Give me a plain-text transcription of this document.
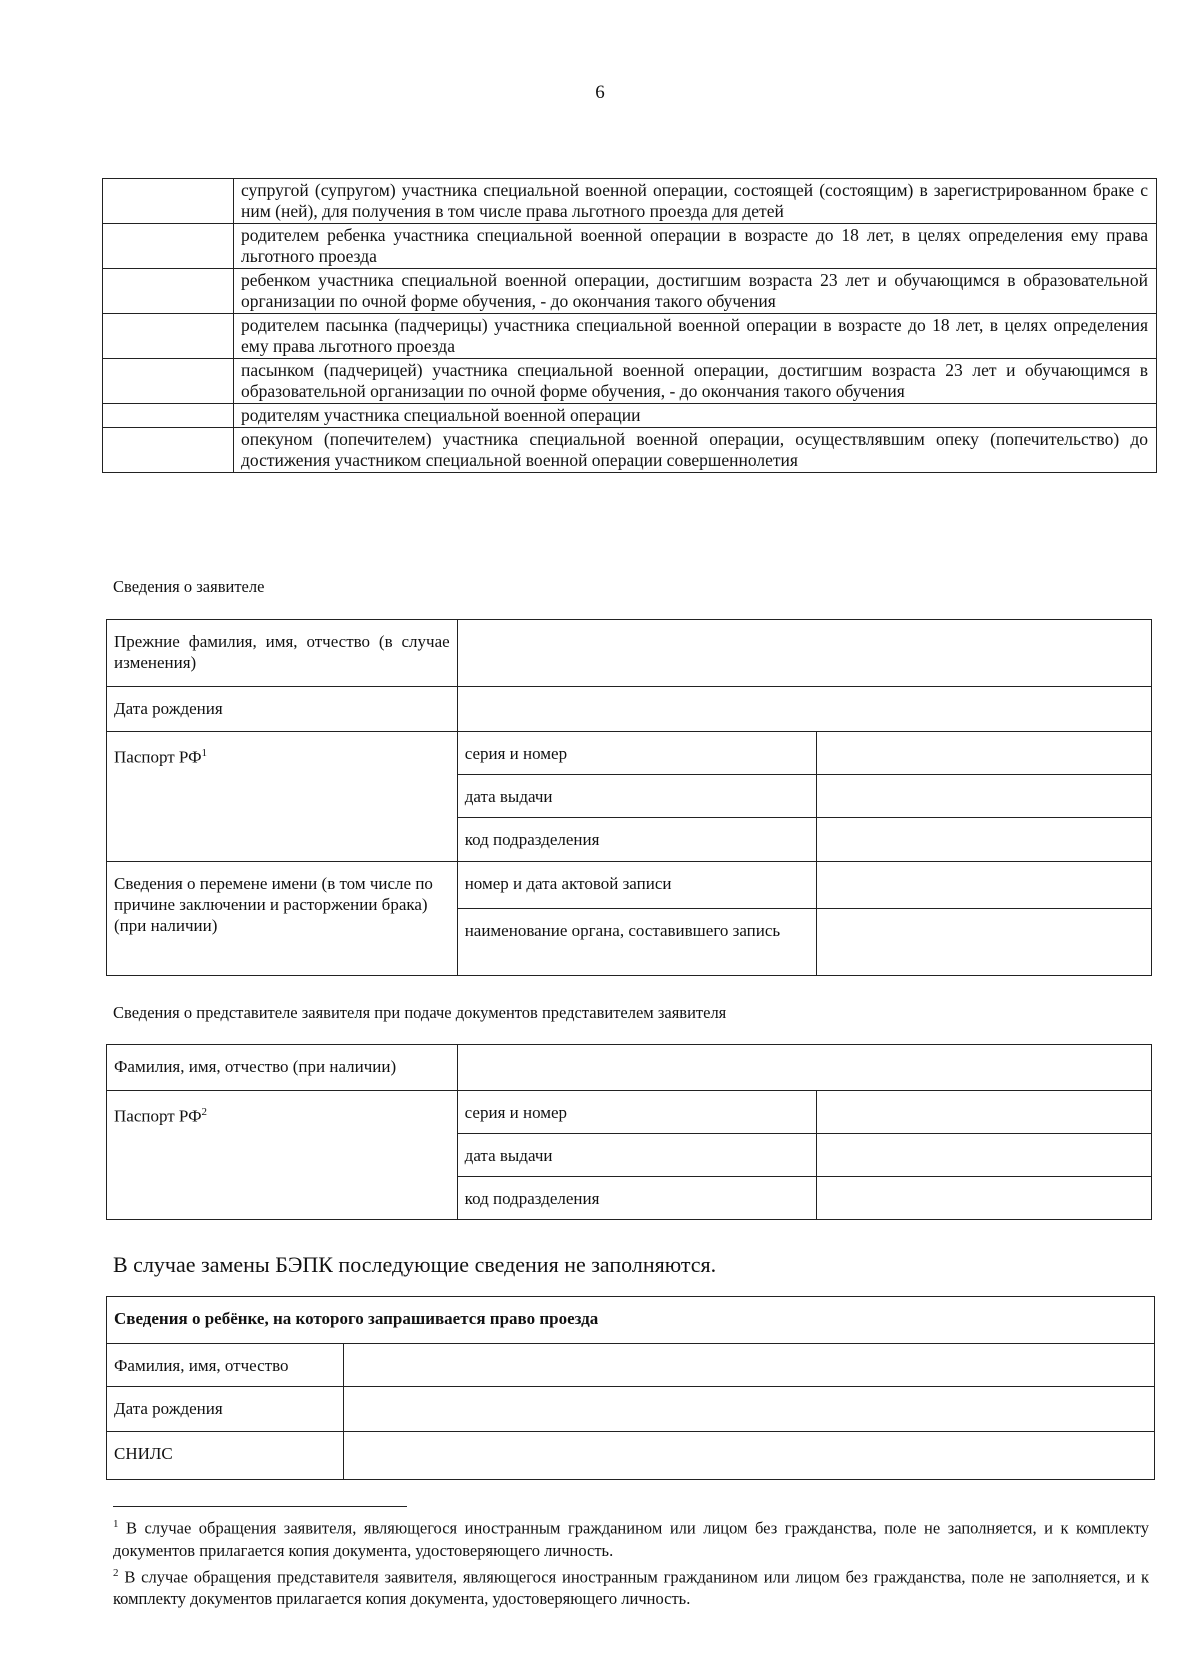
6
	супругой (супругом) участника специальной военной операции, состоящей (состоящим) в зарегистрированном браке с ним (ней), для получения в том числе права льготного проезда для детей
	родителем ребенка участника специальной военной операции в возрасте до 18 лет, в целях определения ему права льготного проезда
	ребенком участника специальной военной операции, достигшим возраста 23 лет и обучающимся в образовательной организации по очной форме обучения, - до окончания такого обучения
	родителем пасынка (падчерицы) участника специальной военной операции в возрасте до 18 лет, в целях определения ему права льготного проезда
	пасынком (падчерицей) участника специальной военной операции, достигшим возраста 23 лет и обучающимся в образовательной организации по очной форме обучения, - до окончания такого обучения
	родителям участника специальной военной операции
	опекуном (попечителем) участника специальной военной операции, осуществлявшим опеку (попечительство) до достижения участником специальной военной операции совершеннолетия
Сведения о заявителе
Прежние фамилия, имя, отчество (в случае изменения)		
Дата рождения		
Паспорт $РФ^1$	серия и номер	
	дата выдачи	
	код подразделения	
Сведения о перемене имени (в том числе по причине заключении и расторжении брака) (при наличии)	номер и дата актовой записи	
	наименование органа, составившего запись	
Сведения о представителе заявителя при подаче документов представителем заявителя
Фамилия, имя, отчество (при наличии)		
Паспорт $РФ^2$	серия и номер	
	дата выдачи	
	код подразделения	
В случае замены БЭПК последующие сведения не заполняются.
Сведения о ребёнке, на которого запрашивается право проезда	
Фамилия, имя, отчество	
Дата рождения	
СНИЛС	

$^1$ В случае обращения заявителя, являющегося иностранным гражданином или лицом без гражданства, поле не заполняется, и к комплекту документов прилагается копия документа, удостоверяющего личность.

$^2$ В случае обращения представителя заявителя, являющегося иностранным гражданином или лицом без гражданства, поле не заполняется, и к комплекту документов прилагается копия документа, удостоверяющего личность.
